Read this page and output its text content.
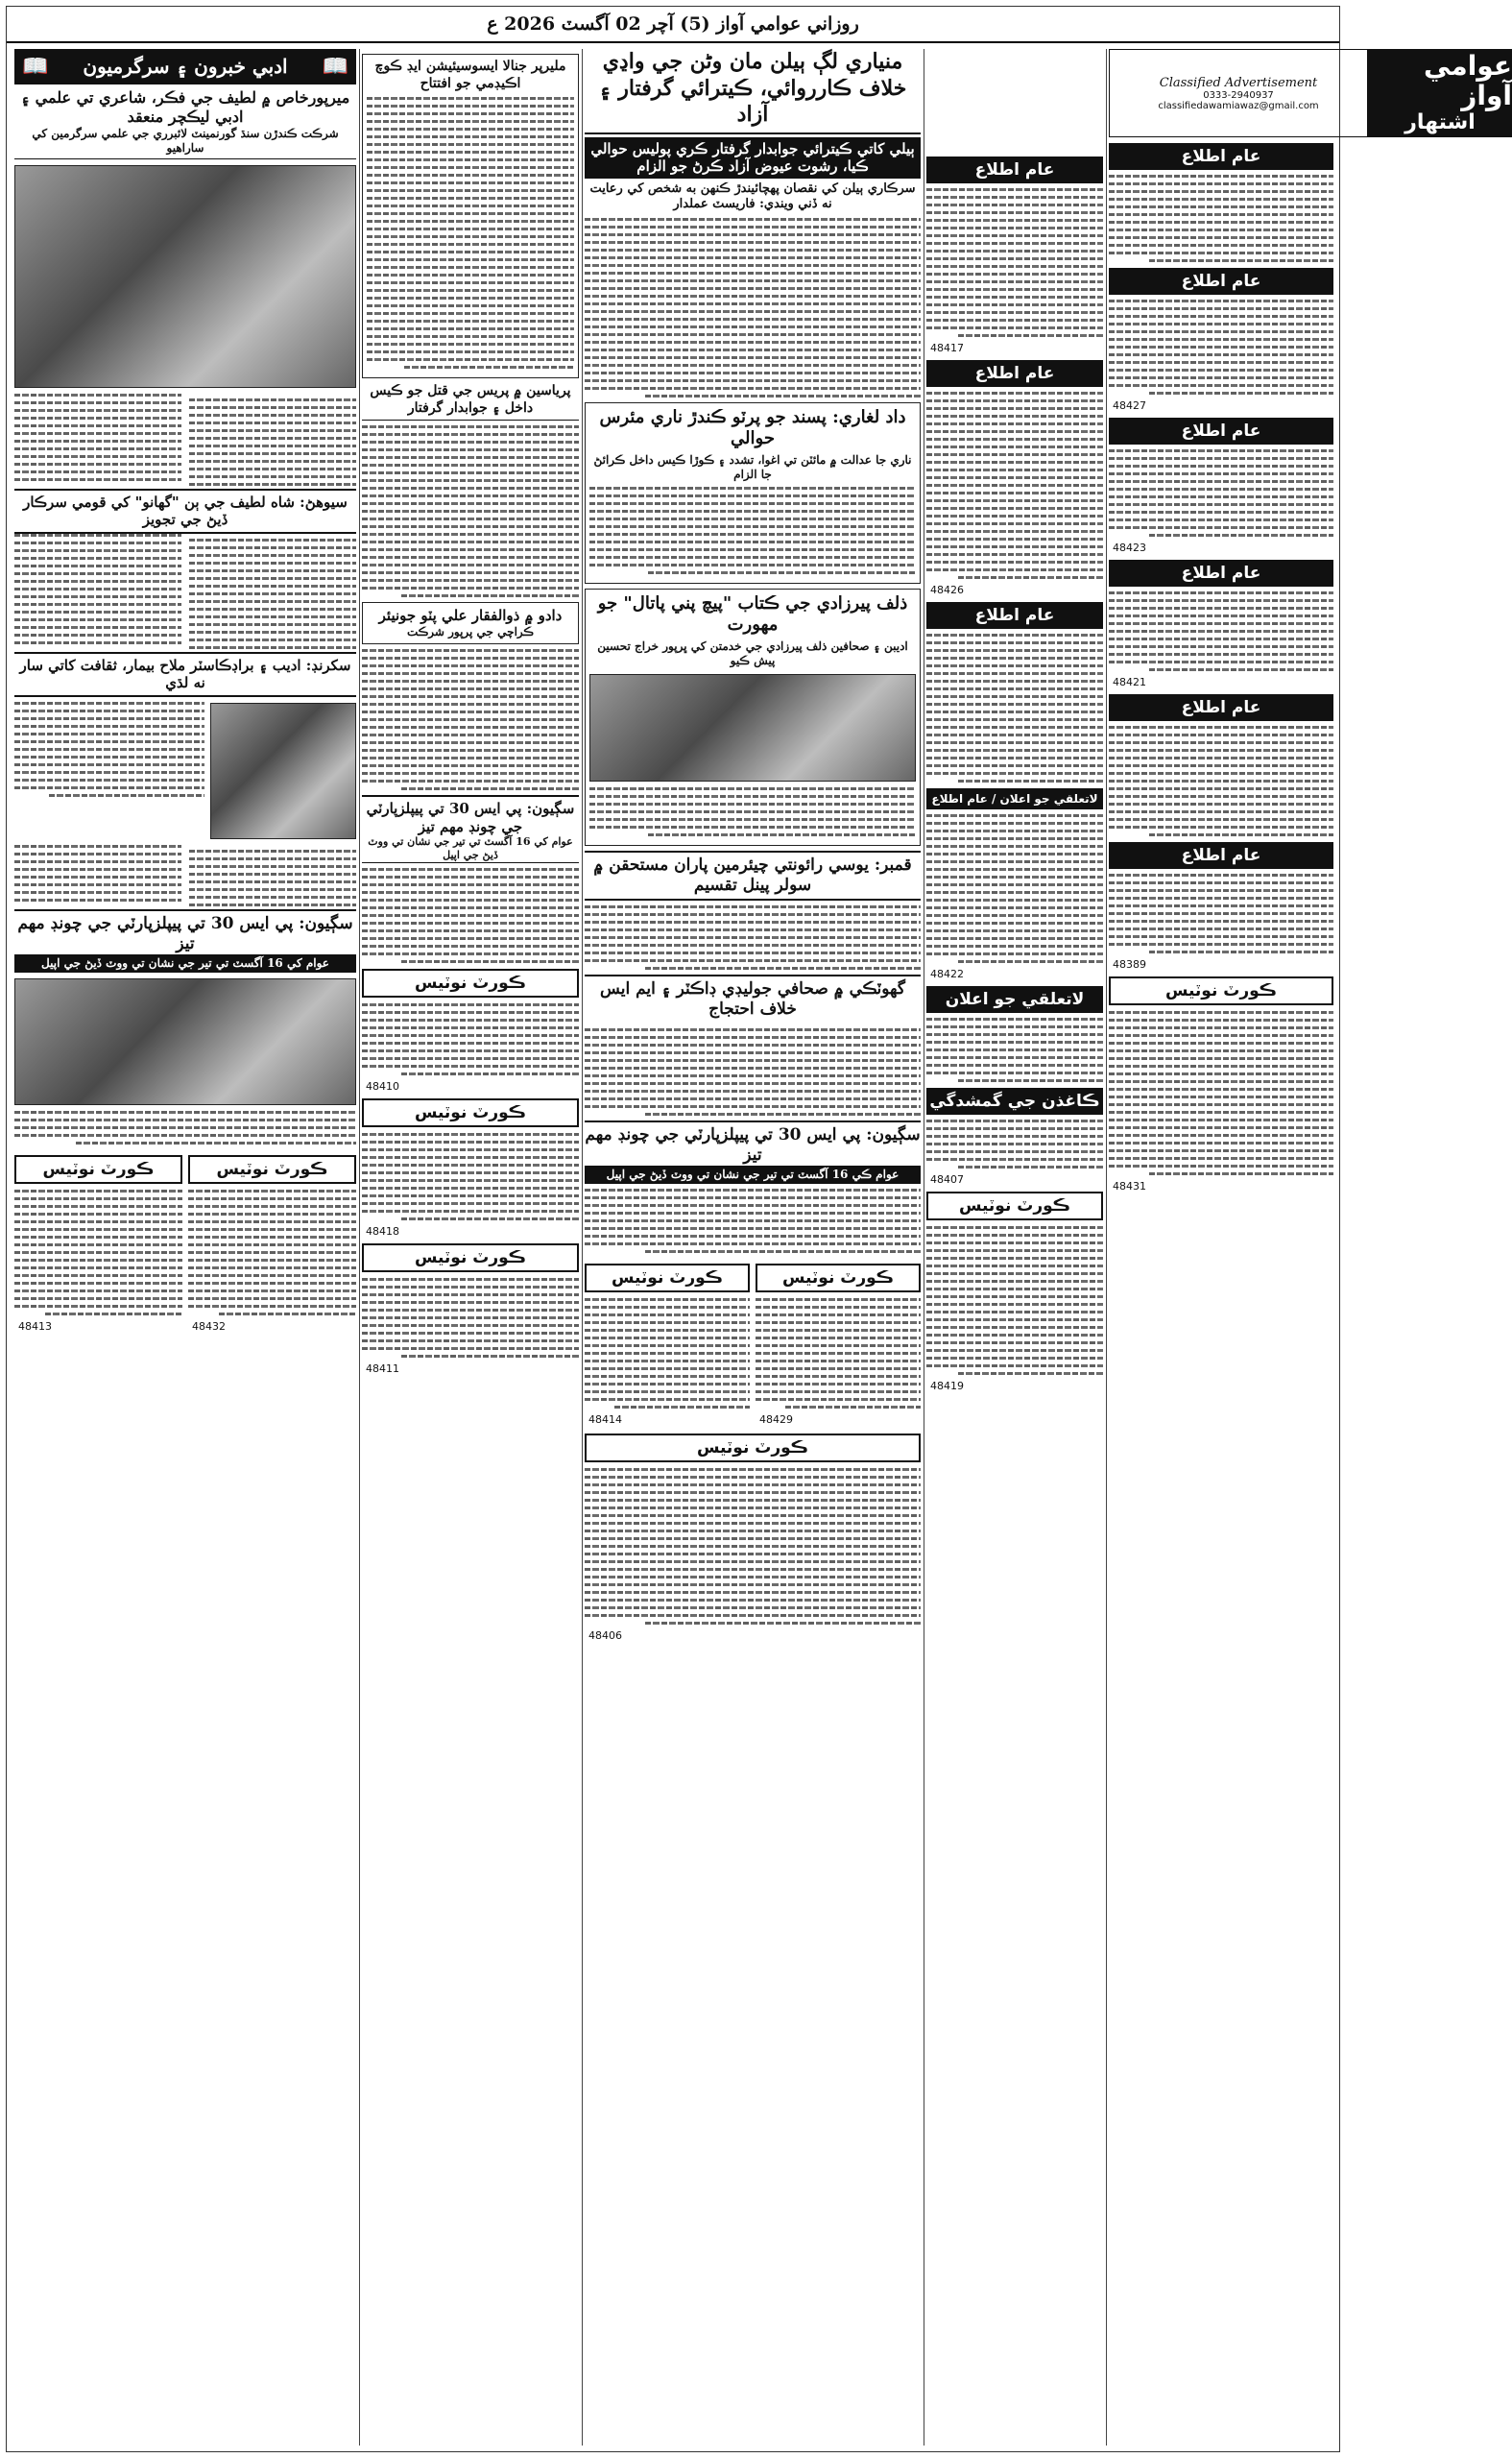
روزاني عوامي آواز (5) آچر 02 آگسٽ 2026 ع
عوامي آواز
اشتهار
Classified Advertisement
0333-2940937
classifiedawamiawaz@gmail.com
عام اطلاع
عام اطلاع
48427
عام اطلاع
48423
عام اطلاع
48421
عام اطلاع
عام اطلاع
48389
ڪورٽ نوٽيس
48431
عام اطلاع
48417
عام اطلاع
48426
عام اطلاع
لاتعلقي جو اعلان / عام اطلاع
48422
لاتعلقي جو اعلان
ڪاغذن جي گمشدگي
48407
ڪورٽ نوٽيس
48419
منياري لڳ ٻيلن مان وڻن جي واڍي خلاف ڪارروائي، ڪيترائي گرفتار ۽ آزاد
ٻيلي کاتي ڪيترائي جوابدار گرفتار ڪري پوليس حوالي ڪيا، رشوت عيوض آزاد ڪرڻ جو الزام
سرڪاري ٻيلن کي نقصان پهچائيندڙ ڪنهن به شخص کي رعايت نه ڏني ويندي: فاريسٽ عملدار
داد لغاري: پسند جو پرٽو ڪندڙ ناري مئرس حوالي
ناري جا عدالت ۾ مائٽن تي اغوا، تشدد ۽ ڪوڙا ڪيس داخل ڪرائڻ جا الزام
ذلف پيرزادي جي ڪتاب "پيچ پني پاتال" جو مهورت
اديبن ۽ صحافين ذلف پيرزادي جي خدمتن کي ڀرپور خراج تحسين پيش ڪيو
قمبر: يوسي رائونتي چيئرمين پاران مستحقن ۾ سولر پينل تقسيم
گهوٽڪي ۾ صحافي جوليڊي ڊاڪٽر ۽ ايم ايس خلاف احتجاج
سڳيون: پي ايس 30 تي پيپلزپارٽي جي چونڊ مهم تيز
عوام ڪي 16 آگسٽ تي تير جي نشان تي ووٽ ڏيڻ جي اپيل
ڪورٽ نوٽيس
48414
ڪورٽ نوٽيس
48429
ڪورٽ نوٽيس
48406
مليرپر جنالا ايسوسيئيشن ايڊ ڪوچ اڪيڊمي جو افتتاح
پرياسين ۾ پريس جي قتل جو ڪيس داخل ۽ جوابدار گرفتار
دادو ۾ ذوالفقار علي پٽو جونيئر
ڪراچي جي پرپور شرڪت
سڳيون: پي ايس 30 تي پيپلزپارٽي جي چونڊ مهم تيز
عوام کي 16 آگسٽ تي تير جي نشان تي ووٽ ڏيڻ جي اپيل
ڪورٽ نوٽيس
48410
ڪورٽ نوٽيس
48418
ڪورٽ نوٽيس
48411
📖 ادبي خبرون ۽ سرگرميون 📖
ميرپورخاص ۾ لطيف جي فڪر، شاعري تي علمي ۽ ادبي ليڪچر منعقد
شرڪت ڪندڙن سنڌ گورنمينٽ لائبرري جي علمي سرگرمين کي ساراهيو
سيوهڻ: شاه لطيف جي ٻن "گهانو" کي قومي سرڪار ڏيڻ جي تجويز
سکرنڊ: اديب ۽ براڊڪاسٽر ملاح بيمار، ثقافت کاتي سار نه لڌي
سڳيون: پي ايس 30 تي پيپلزپارٽي جي چونڊ مهم تيز
عوام کي 16 آگسٽ تي تير جي نشان تي ووٽ ڏيڻ جي اپيل
ڪورٽ نوٽيس
48413
ڪورٽ نوٽيس
48432
